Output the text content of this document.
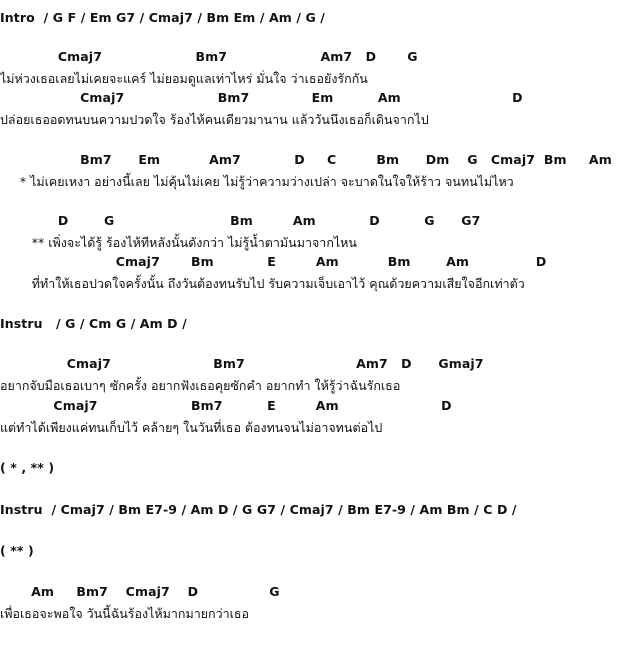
Intro  / G F / Em G7 / Cmaj7 / Bm Em / Am / G /
Cmaj7                     Bm7                     Am7   D       G
ไม่ห่วงเธอเลยไม่เคยจะแคร์ ไม่ยอมดูแลเท่าไหร่ มั่นใจ ว่าเธอยังรักกัน
Cmaj7                     Bm7              Em          Am                         D
ปล่อยเธออดทนบนความปวดใจ ร้องไห้คนเดียวมานาน แล้ววันนึงเธอก็เดินจากไป
Bm7      Em           Am7            D     C         Bm      Dm    G   Cmaj7  Bm     Am
* ไม่เคยเหงา อย่างนี้เลย ไม่คุ้นไม่เคย ไม่รู้ว่าความว่างเปล่า จะบาดในใจให้ร้าว จนทนไม่ไหว
D        G                          Bm         Am            D          G      G7
** เพิ่งจะได้รู้ ร้องไห้ทีหลังนั้นดังกว่า ไม่รู้น้ำตามันมาจากไหน
Cmaj7       Bm            E         Am           Bm        Am               D
ที่ทำให้เธอปวดใจครั้งนั้น ถึงวันต้องทนรับไป รับความเจ็บเอาไว้ คุณด้วยความเสียใจอีกเท่าตัว
Instru   / G / Cm G / Am D /
Cmaj7                       Bm7                         Am7   D      Gmaj7
อยากจับมือเธอเบาๆ ซักครั้ง อยากฟังเธอคุยซักคำ อยากทำ ให้รู้ว่าฉันรักเธอ
Cmaj7                     Bm7          E         Am                       D
แต่ทำได้เพียงแค่ทนเก็บไว้ คล้ายๆ ในวันที่เธอ ต้องทนจนไม่อาจทนต่อไป
( * , ** )
Instru  / Cmaj7 / Bm E7-9 / Am D / G G7 / Cmaj7 / Bm E7-9 / Am Bm / C D /
( ** )
Am     Bm7    Cmaj7    D                G
เพื่อเธอจะพอใจ วันนี้ฉันร้องไห้มากมายกว่าเธอ
